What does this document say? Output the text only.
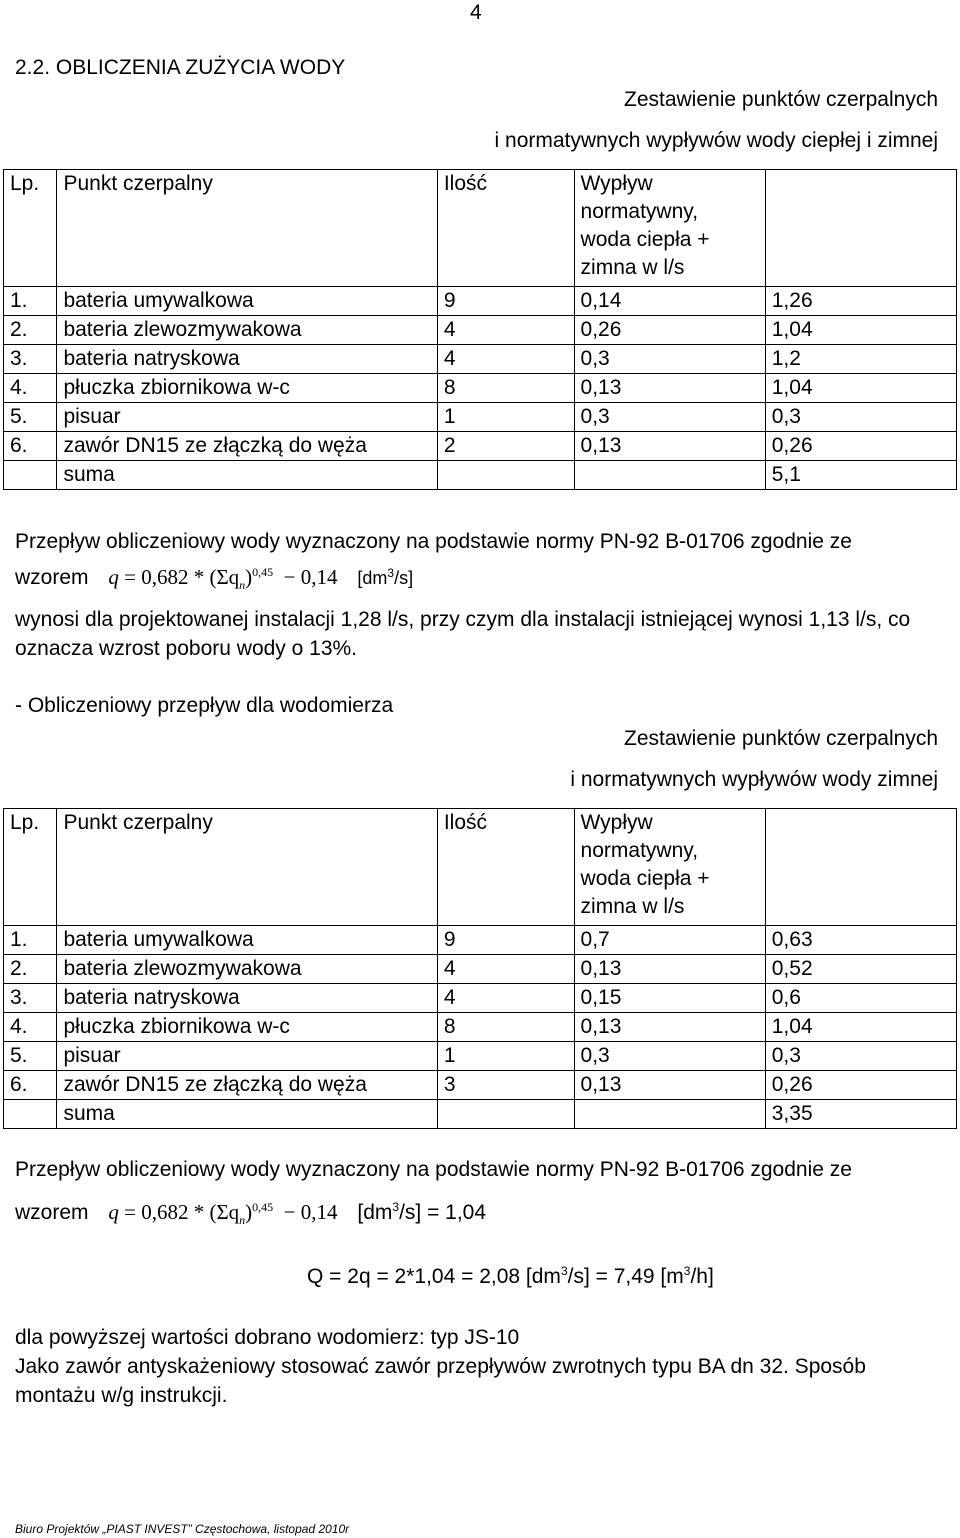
4
2.2. OBLICZENIA ZUŻYCIA WODY
Zestawienie punktów czerpalnych
i normatywnych wypływów wody ciepłej i zimnej
Lp.	Punkt czerpalny	Ilość	Wypływ
normatywny,
woda ciepła +
zimna w l/s	

1.	bateria umywalkowa	9	0,14	1,26
2.	bateria zlewozmywakowa	4	0,26	1,04
3.	bateria natryskowa	4	0,3	1,2
4.	płuczka zbiornikowa w-c	8	0,13	1,04
5.	pisuar	1	0,3	0,3
6.	zawór DN15 ze złączką do węża	2	0,13	0,26
	suma			5,1
Przepływ obliczeniowy wody wyznaczony na podstawie normy PN-92 B-01706 zgodnie ze
wzorem $q = 0,682 * (\Sigma q_n)^{0,45} - 0,14$ $[dm^3/s]$
wynosi dla projektowanej instalacji 1,28 l/s, przy czym dla instalacji istniejącej wynosi 1,13 l/s, co oznacza wzrost poboru wody o 13%.
- Obliczeniowy przepływ dla wodomierza
Zestawienie punktów czerpalnych
i normatywnych wypływów wody zimnej
Lp.	Punkt czerpalny	Ilość	Wypływ
normatywny,
woda ciepła +
zimna w l/s	

1.	bateria umywalkowa	9	0,7	0,63
2.	bateria zlewozmywakowa	4	0,13	0,52
3.	bateria natryskowa	4	0,15	0,6
4.	płuczka zbiornikowa w-c	8	0,13	1,04
5.	pisuar	1	0,3	0,3
6.	zawór DN15 ze złączką do węża	3	0,13	0,26
	suma			3,35
Przepływ obliczeniowy wody wyznaczony na podstawie normy PN-92 B-01706 zgodnie ze
wzorem $q = 0,682 * (\Sigma q_n)^{0,45} - 0,14$ $[dm^3/s] = 1,04$
Q = 2q = 2*1,04 = 2,08 $[dm^3/s] = 7,49$ $[m^3/h]$
dla powyższej wartości dobrano wodomierz: typ JS-10
Jako zawór antyskażeniowy stosować zawór przepływów zwrotnych typu BA dn 32. Sposób montażu w/g instrukcji.
Biuro Projektów „PIAST INVEST” Częstochowa, listopad 2010r
